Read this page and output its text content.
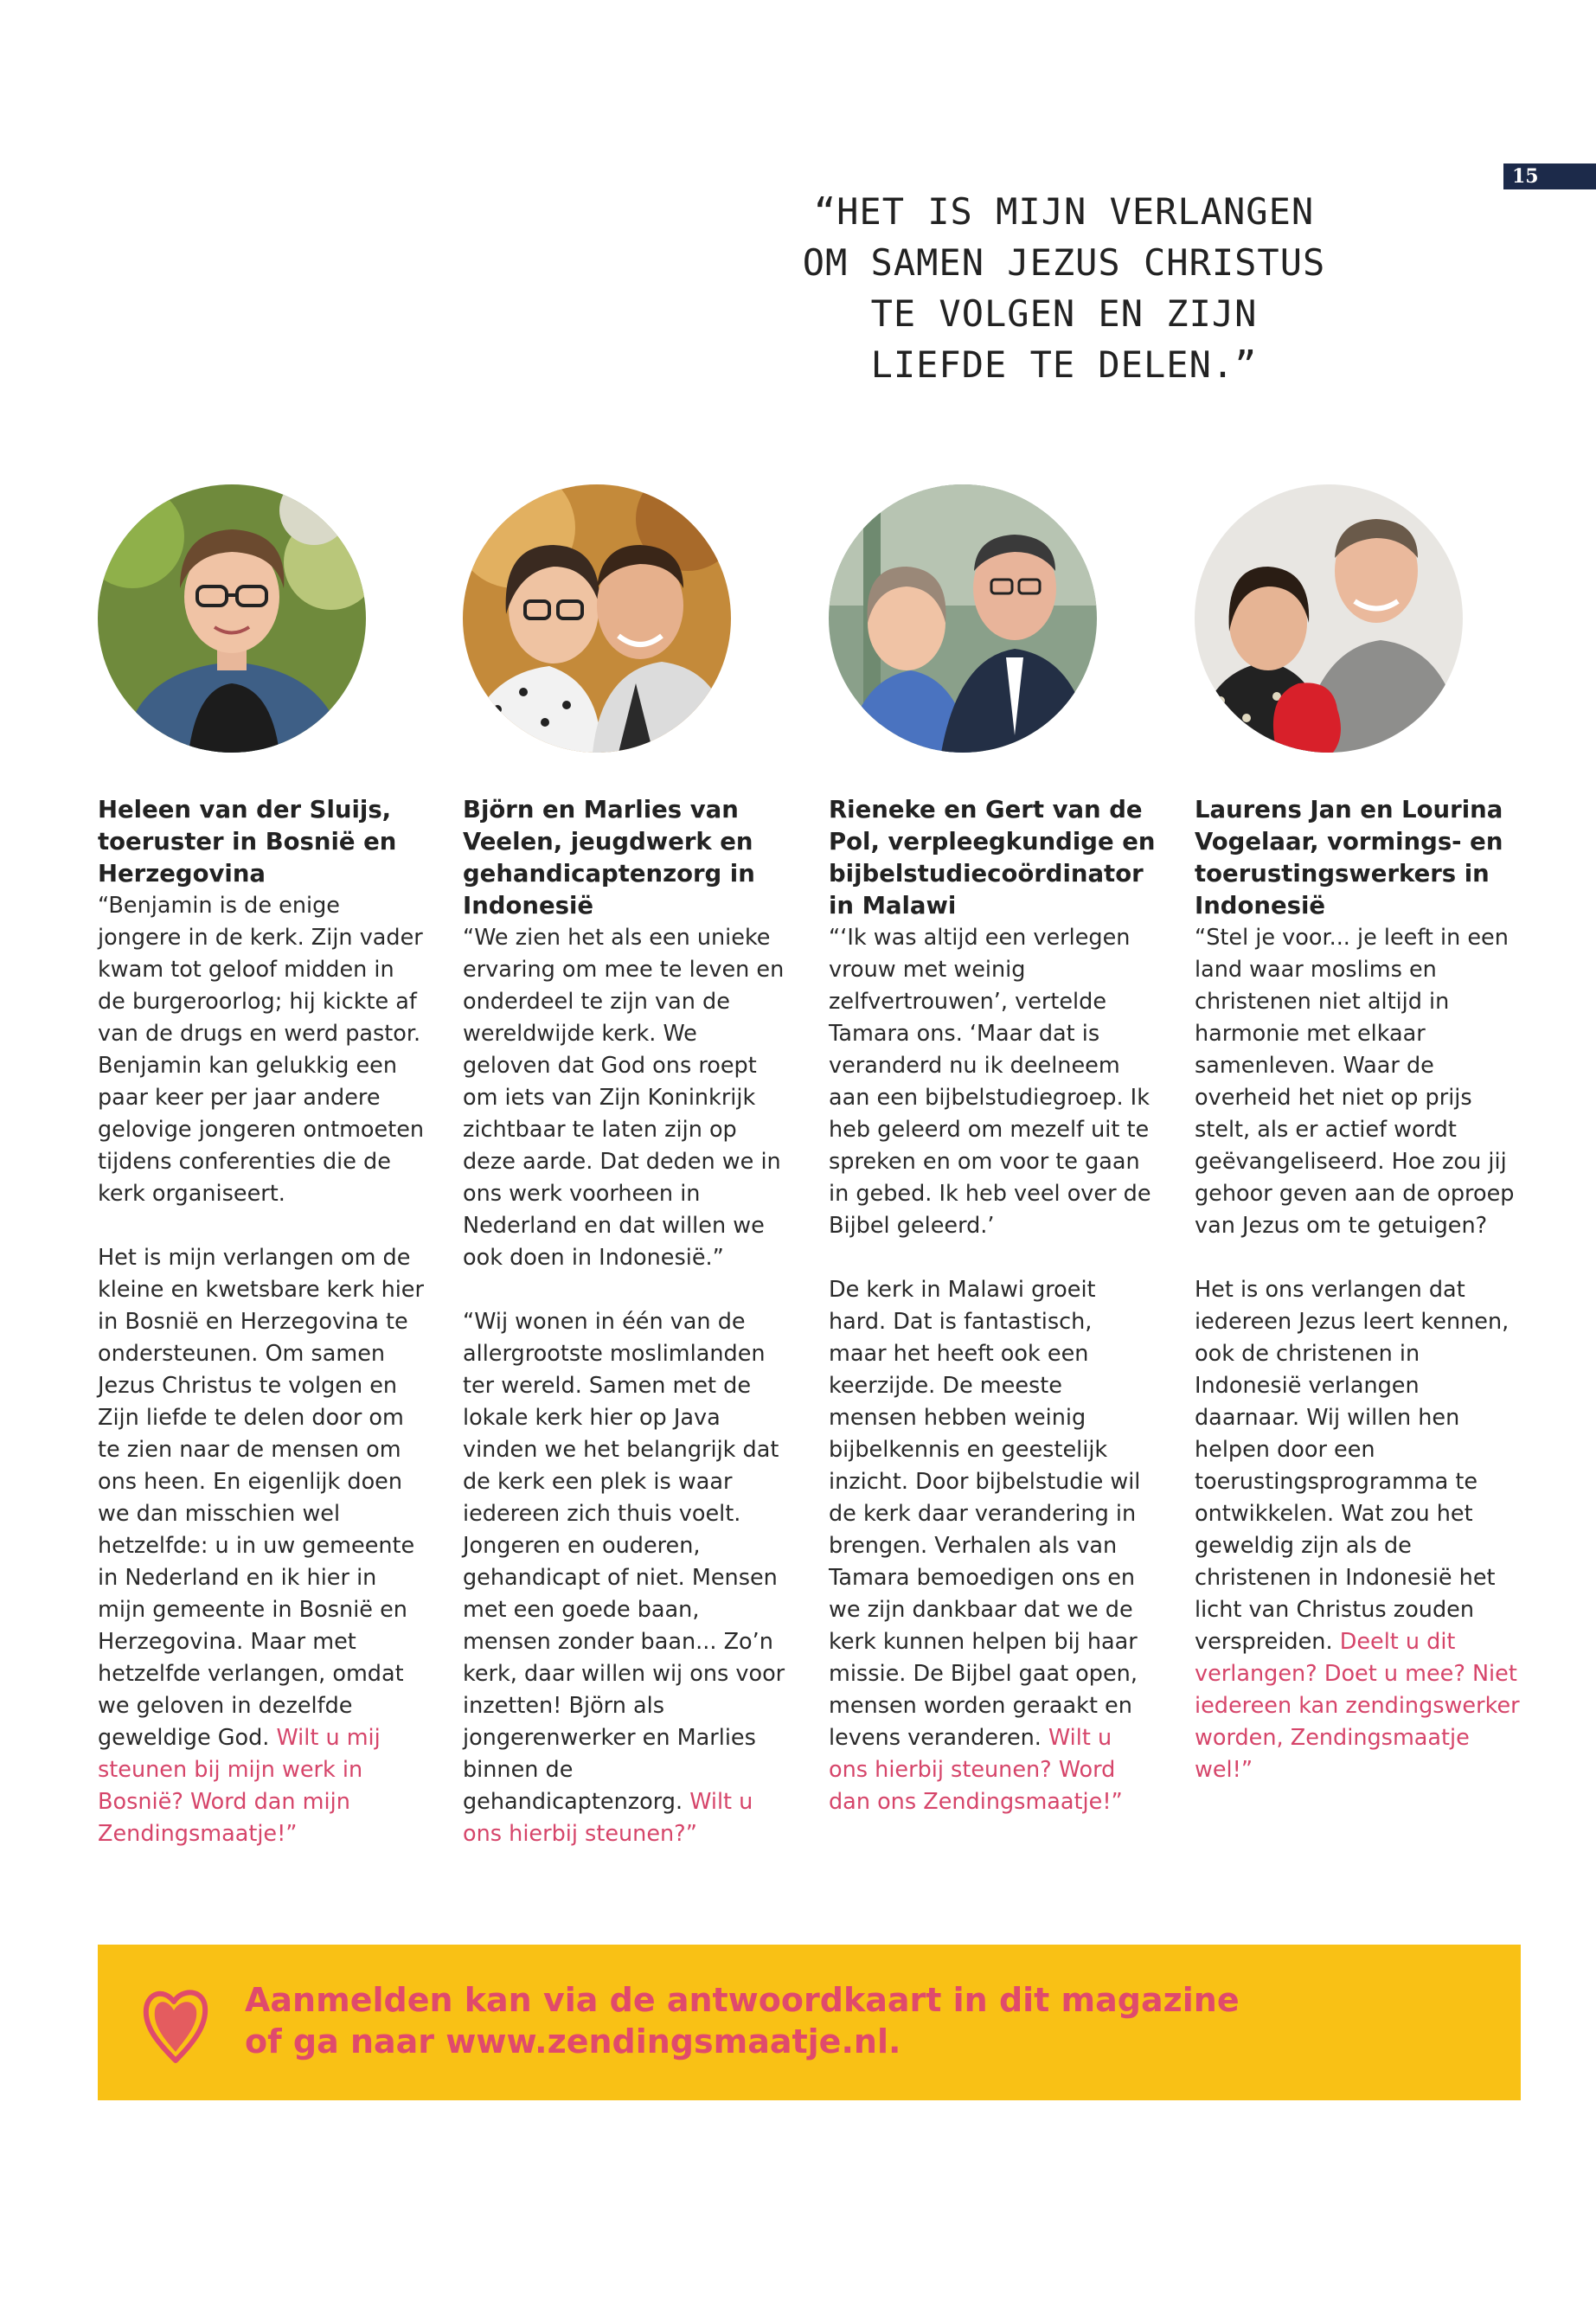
15

“HET IS MIJN VERLANGEN

OM SAMEN JEZUS CHRISTUS

TE VOLGEN EN ZIJN

LIEFDE TE DELEN.”

Heleen van der Sluijs, toeruster in Bosnië en Herzegovina

“Benjamin is de enige jongere in de kerk. Zijn vader kwam tot geloof midden in de burgeroorlog; hij kickte af van de drugs en werd pastor. Benjamin kan gelukkig een paar keer per jaar andere gelovige jongeren ontmoeten tijdens conferenties die de kerk organiseert.

Het is mijn verlangen om de kleine en kwetsbare kerk hier in Bosnië en Herzegovina te ondersteunen. Om samen Jezus Christus te volgen en Zijn liefde te delen door om te zien naar de mensen om ons heen. En eigenlijk doen we dan misschien wel hetzelfde: u in uw gemeente in Nederland en ik hier in mijn gemeente in Bosnië en Herzegovina. Maar met hetzelfde verlangen, omdat we geloven in dezelfde geweldige God. Wilt u mij steunen bij mijn werk in Bosnië? Word dan mijn Zendingsmaatje!”

Björn en Marlies van Veelen, jeugdwerk en gehandicaptenzorg in Indonesië

“We zien het als een unieke ervaring om mee te leven en onderdeel te zijn van de wereldwijde kerk. We geloven dat God ons roept om iets van Zijn Koninkrijk zichtbaar te laten zijn op deze aarde. Dat deden we in ons werk voorheen in Nederland en dat willen we ook doen in Indonesië.”

“Wij wonen in één van de allergrootste moslimlanden ter wereld. Samen met de lokale kerk hier op Java vinden we het belangrijk dat de kerk een plek is waar iedereen zich thuis voelt. Jongeren en ouderen, gehandicapt of niet. Mensen met een goede baan, mensen zonder baan... Zo’n kerk, daar willen wij ons voor inzetten! Björn als jongerenwerker en Marlies binnen de gehandicaptenzorg. Wilt u ons hierbij steunen?”

Rieneke en Gert van de Pol, verpleegkundige en bijbelstudiecoördinator in Malawi

“‘Ik was altijd een verlegen vrouw met weinig zelfvertrouwen’, vertelde Tamara ons. ‘Maar dat is veranderd nu ik deelneem aan een bijbelstudiegroep. Ik heb geleerd om mezelf uit te spreken en om voor te gaan in gebed. Ik heb veel over de Bijbel geleerd.’

De kerk in Malawi groeit hard. Dat is fantastisch, maar het heeft ook een keerzijde. De meeste mensen hebben weinig bijbelkennis en geestelijk inzicht. Door bijbelstudie wil de kerk daar verandering in brengen. Verhalen als van Tamara bemoedigen ons en we zijn dankbaar dat we de kerk kunnen helpen bij haar missie. De Bijbel gaat open, mensen worden geraakt en levens veranderen. Wilt u ons hierbij steunen? Word dan ons Zendingsmaatje!”

Laurens Jan en Lourina Vogelaar, vormings- en toerustingswerkers in Indonesië

“Stel je voor... je leeft in een land waar moslims en christenen niet altijd in harmonie met elkaar samenleven. Waar de overheid het niet op prijs stelt, als er actief wordt geëvangeliseerd. Hoe zou jij gehoor geven aan de oproep van Jezus om te getuigen?

Het is ons verlangen dat iedereen Jezus leert kennen, ook de christenen in Indonesië verlangen daarnaar. Wij willen hen helpen door een toerustingsprogramma te ontwikkelen. Wat zou het geweldig zijn als de christenen in Indonesië het licht van Christus zouden verspreiden. Deelt u dit verlangen? Doet u mee? Niet iedereen kan zendingswerker worden, Zendingsmaatje wel!”

Aanmelden kan via de antwoordkaart in dit magazine

of ga naar www.zendingsmaatje.nl.
